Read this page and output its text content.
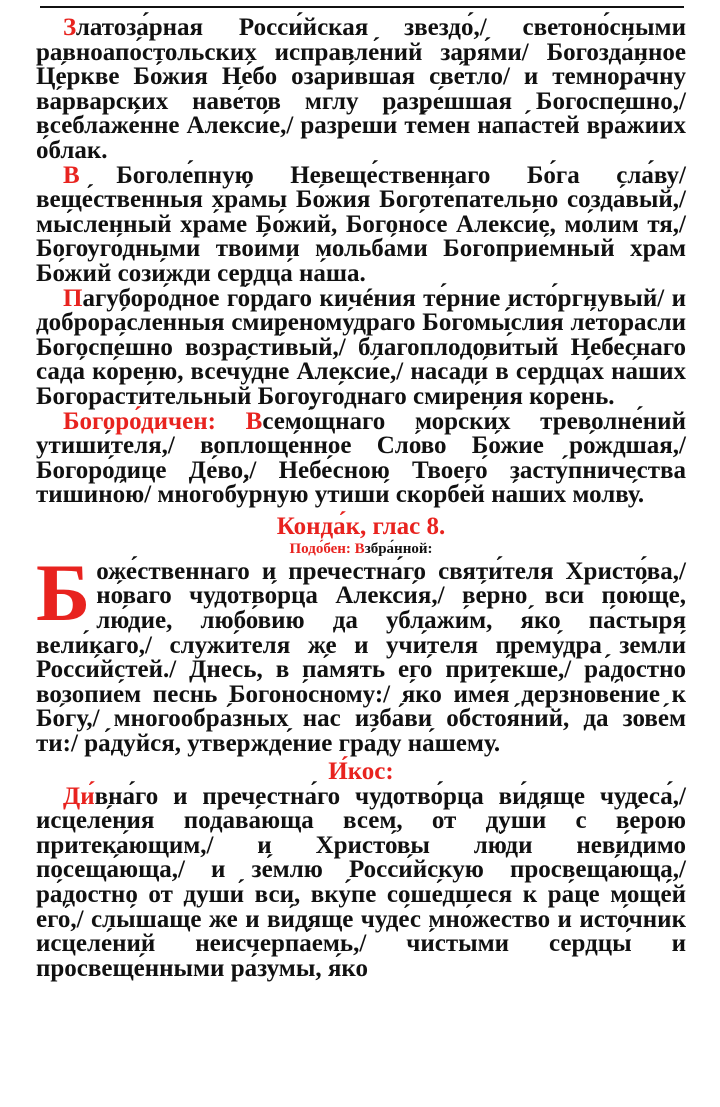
Златоза́рная Росси́йская звездо́,/ светоно́сными равноапо́стольских исправле́ний заря́ми/ Богозда́нное Це́ркве Бо́жия Не́бо озари́вшая све́тло/ и темнора́чну ва́рварских наве́тов мглу разре́шшая Богоспе́шно,/ всеблаже́нне Алекси́е,/ разреши́ те́мен напа́стей вра́жиих о́блак.

В Боголе́пную Невеще́ственнаго Бо́га сла́ву/ веще́ственныя хра́мы Бо́жия Боготе́пательно созда́вый,/ мы́сленный хра́ме Бо́жий, Богоно́се Алекси́е, мо́лим тя,/ Богоуго́дными твои́ми мольба́ми Богоприе́мный храм Бо́жий сози́жди сердца́ на́ша.

Пагуборо́дное го́рдаго кичéния те́рние исто́ргнувый/ и доброра́сленныя смиреному́драго Богомы́слия ле́торасли Богоспе́шно возрасти́вый,/ благоплодови́тый Небе́снаго сада́ ко́реню, всечу́дне Алекси́е,/ насади́ в сердца́х на́ших Богорасти́тельный Богоуго́днаго смире́ния ко́рень.

Богоро́дичен: Всемо́щнаго морски́х треволне́ний утиши́теля,/ воплоще́нное Сло́во Бо́жие ро́ждшая,/ Богоро́дице Де́во,/ Небе́сною Твоего́ засту́пничества тишино́ю/ многобу́рную утиши́ скорбе́й на́ших молву́.

Конда́к, глас 8.
Подо́бен: Взбра́нной:

Боже́ственнаго и пречестна́го святи́теля Христо́ва,/ но́ваго чудотво́рца Алекси́я,/ ве́рно вси пою́ще, лю́дие, любо́вию да ублажи́м, я́ко па́стыря вели́каго,/ служи́теля же и учи́теля прему́дра земли́ Росси́йстей./ Днесь, в па́мять его́ прите́кше,/ ра́достно возопие́м песнь Богоно́сному:/ я́ко име́я дерзнове́ние к Бо́гу,/ многообра́зных нас изба́ви обстоя́ний, да зове́м ти:/ ра́дуйся, утвержде́ние гра́ду на́шему.

И́кос:

Ди́вна́го и пречестна́го чудотво́рца ви́дяще чудеса́,/ исцеле́ния подава́юща всем, от души́ с ве́рою притека́ющим,/ и Христо́вы лю́ди неви́димо посеща́юща,/ и зе́млю Росси́йскую просвеща́юща,/ ра́достно от души́ вси, вку́пе соше́дшеся к ра́це моще́й его́,/ слы́шаще же и ви́дяще чуде́с мно́жество и исто́чник исцеле́ний неисчерпа́емь,/ чи́стыми сердцы́ и просвеще́нными ра́зумы, я́ко
